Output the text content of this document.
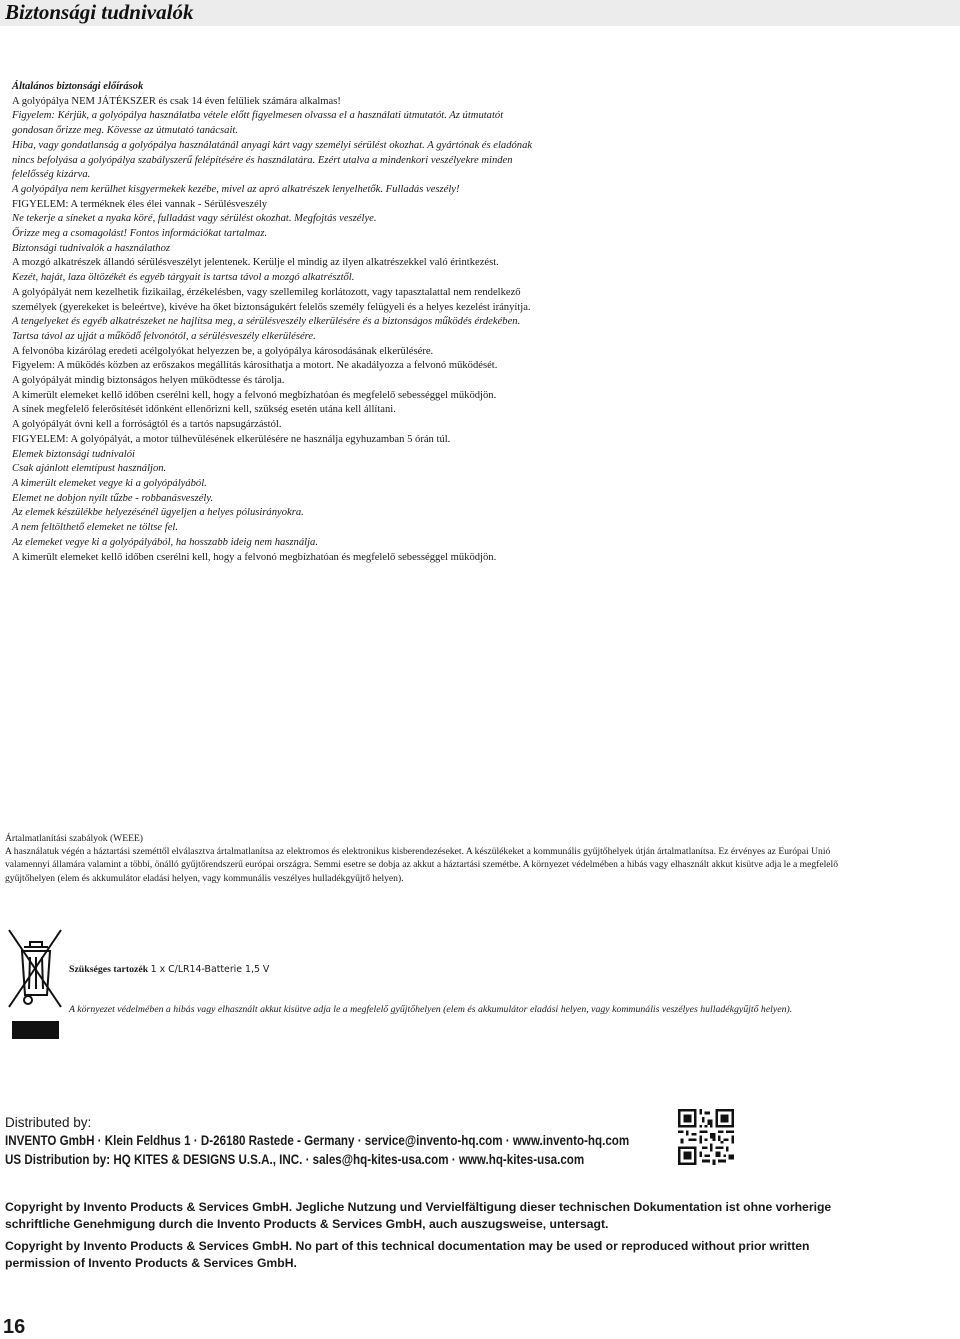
Biztonsági tudnivalók

Általános biztonsági előírások

A golyópálya NEM JÁTÉKSZER és csak 14 éven felüliek számára alkalmas!

Figyelem: Kérjük, a golyópálya használatba vétele előtt figyelmesen olvassa el a használati útmutatót. Az útmutatót gondosan őrizze meg. Kövesse az útmutató tanácsait.

Hiba, vagy gondatlanság a golyópálya használatánál anyagi kárt vagy személyi sérülést okozhat. A gyártónak és eladónak nincs befolyása a golyópálya szabályszerű felépítésére és használatára. Ezért utalva a mindenkori veszélyekre minden felelősség kizárva.

A golyópálya nem kerülhet kisgyermekek kezébe, mivel az apró alkatrészek lenyelhetők. Fulladás veszély!

FIGYELEM: A terméknek éles élei vannak - Sérülésveszély

Ne tekerje a síneket a nyaka köré, fulladást vagy sérülést okozhat. Megfojtás veszélye.

Őrizze meg a csomagolást! Fontos információkat tartalmaz.

Biztonsági tudnivalók a használathoz

A mozgó alkatrészek állandó sérülésveszélyt jelentenek. Kerülje el mindig az ilyen alkatrészekkel való érintkezést.

Kezét, haját, laza öltözékét és egyéb tárgyait is tartsa távol a mozgó alkatrésztől.

A golyópályát nem kezelhetik fizikailag, érzékelésben, vagy szellemileg korlátozott, vagy tapasztalattal nem rendelkező személyek (gyerekeket is beleértve), kivéve ha őket biztonságukért felelős személy felügyeli és a helyes kezelést irányítja.

A tengelyeket és egyéb alkatrészeket ne hajlítsa meg, a sérülésveszély elkerülésére és a biztonságos működés érdekében.

Tartsa távol az ujját a működő felvonótól, a sérülésveszély elkerülésére.

A felvonóba kizárólag eredeti acélgolyókat helyezzen be, a golyópálya károsodásának elkerülésére.

Figyelem: A működés közben az erőszakos megállítás károsíthatja a motort. Ne akadályozza a felvonó működését.

A golyópályát mindig biztonságos helyen működtesse és tárolja.

A kimerült elemeket kellő időben cserélni kell, hogy a felvonó megbízhatóan és megfelelő sebességgel működjön.

A sínek megfelelő felerősítését időnként ellenőrizni kell, szükség esetén utána kell állítani.

A golyópályát óvni kell a forróságtól és a tartós napsugárzástól.

FIGYELEM: A golyópályát, a motor túlhevülésének elkerülésére ne használja egyhuzamban 5 órán túl.

Elemek biztonsági tudnivalói

Csak ajánlott elemtípust használjon.

A kimerült elemeket vegye ki a golyópályából.

Elemet ne dobjon nyílt tűzbe - robbanásveszély.

Az elemek készülékbe helyezésénél ügyeljen a helyes pólusirányokra.

A nem feltölthető elemeket ne töltse fel.

Az elemeket vegye ki a golyópályából, ha hosszabb ideig nem használja.

A kimerült elemeket kellő időben cserélni kell, hogy a felvonó megbízhatóan és megfelelő sebességgel működjön.

Ártalmatlanítási szabályok (WEEE)

A használatuk végén a háztartási szeméttől elválasztva ártalmatlanítsa az elektromos és elektronikus kisberendezéseket. A készülékeket a kommunális gyűjtőhelyek útján ártalmatlanítsa. Ez érvényes az Európai Unió valamennyi államára valamint a többi, önálló gyűjtőrendszerű európai országra. Semmi esetre se dobja az akkut a háztartási szemétbe. A környezet védelmében a hibás vagy elhasznált akkut kisütve adja le a megfelelő gyűjtőhelyen (elem és akkumulátor eladási helyen, vagy kommunális veszélyes hulladékgyűjtő helyen).

Szükséges tartozék 1 x C/LR14-Batterie 1,5 V
A környezet védelmében a hibás vagy elhasznált akkut kisütve adja le a megfelelő gyűjtőhelyen (elem és akkumulátor eladási helyen, vagy kommunális veszélyes hulladékgyűjtő helyen).

Distributed by:

INVENTO GmbH · Klein Feldhus 1 · D-26180 Rastede - Germany · service@invento-hq.com · www.invento-hq.com

US Distribution by: HQ KITES & DESIGNS U.S.A., INC. · sales@hq-kites-usa.com · www.hq-kites-usa.com

Copyright by Invento Products & Services GmbH. Jegliche Nutzung und Vervielfältigung dieser technischen Dokumentation ist ohne vorherige schriftliche Genehmigung durch die Invento Products & Services GmbH, auch auszugsweise, untersagt.

Copyright by Invento Products & Services GmbH. No part of this technical documentation may be used or reproduced without prior written permission of Invento Products & Services GmbH.

16
